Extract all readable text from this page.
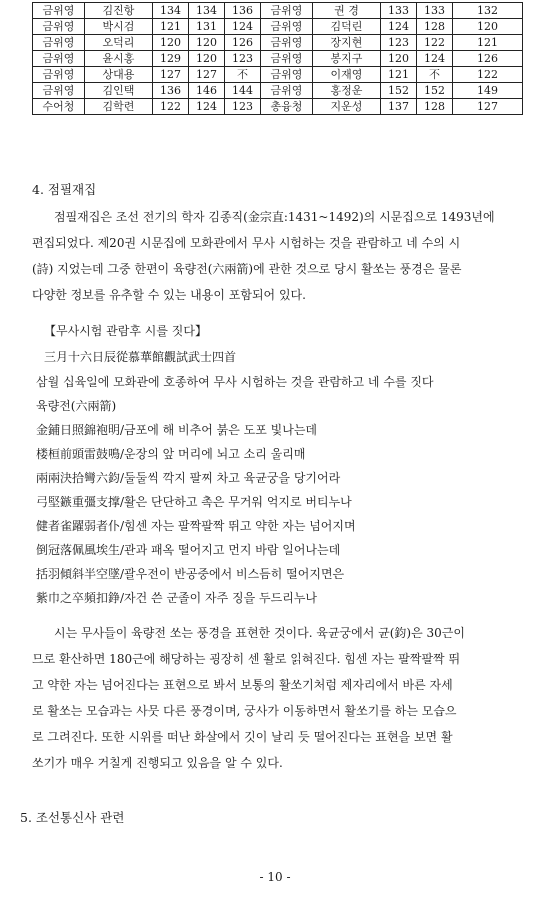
금위영	김진항	134	134	136	금위영	권 경	133	133	132
금위영	박시검	121	131	124	금위영	김덕린	124	128	120
금위영	오덕리	120	120	126	금위영	장지현	123	122	121
금위영	윤시홍	129	120	123	금위영	봉지구	120	124	126
금위영	상대용	127	127	不	금위영	이재영	121	不	122
금위영	김인택	136	146	144	금위영	홍정운	152	152	149
수어청	김학련	122	124	123	총융청	지운성	137	128	127
4. 점필재집

점필재집은 조선 전기의 학자 김종직(金宗直:1431~1492)의 시문집으로 1493년에

편집되었다. 제20권 시문집에 모화관에서 무사 시험하는 것을 관람하고 네 수의 시

(詩) 지었는데 그중 한편이 육량전(六兩箭)에 관한 것으로 당시 활쏘는 풍경은 물론

다양한 정보를 유추할 수 있는 내용이 포함되어 있다.

【무사시험 관람후 시를 짓다】
三月十六日辰從慕華館觀試武士四首
삼월 십육일에 모화관에 호종하여 무사 시험하는 것을 관람하고 네 수를 짓다
육량전(六兩箭)
金鋪日照錦袍明/금포에 해 비추어 붉은 도포 빛나는데
楼桓前頭雷鼓鳴/운장의 앞 머리에 뇌고 소리 울리매
兩兩決拾彎六鈞/둘둘씩 깍지 팔찌 차고 육균궁을 당기어라
弓堅鏃重彊支撑/활은 단단하고 촉은 무거워 억지로 버티누나
健者雀躍弱者仆/힘센 자는 팔짝팔짝 뛰고 약한 자는 넘어지며
倒冠落佩風埃生/관과 패옥 떨어지고 먼지 바람 일어나는데
括羽傾斜半空墜/괄우전이 반공중에서 비스듬히 떨어지면은
紫巾之卒頻扣錚/자건 쓴 군졸이 자주 징을 두드리누나

시는 무사들이 육량전 쏘는 풍경을 표현한 것이다. 육균궁에서 균(鈞)은 30근이

므로 환산하면 180근에 해당하는 굉장히 센 활로 읽혀진다. 힘센 자는 팔짝팔짝 뛰

고 약한 자는 넘어진다는 표현으로 봐서 보통의 활쏘기처럼 제자리에서 바른 자세

로 활쏘는 모습과는 사뭇 다른 풍경이며, 궁사가 이동하면서 활쏘기를 하는 모습으

로 그려진다. 또한 시위를 떠난 화살에서 깃이 날리 듯 떨어진다는 표현을 보면 활

쏘기가 매우 거칠게 진행되고 있음을 알 수 있다.

5. 조선통신사 관련
- 10 -
